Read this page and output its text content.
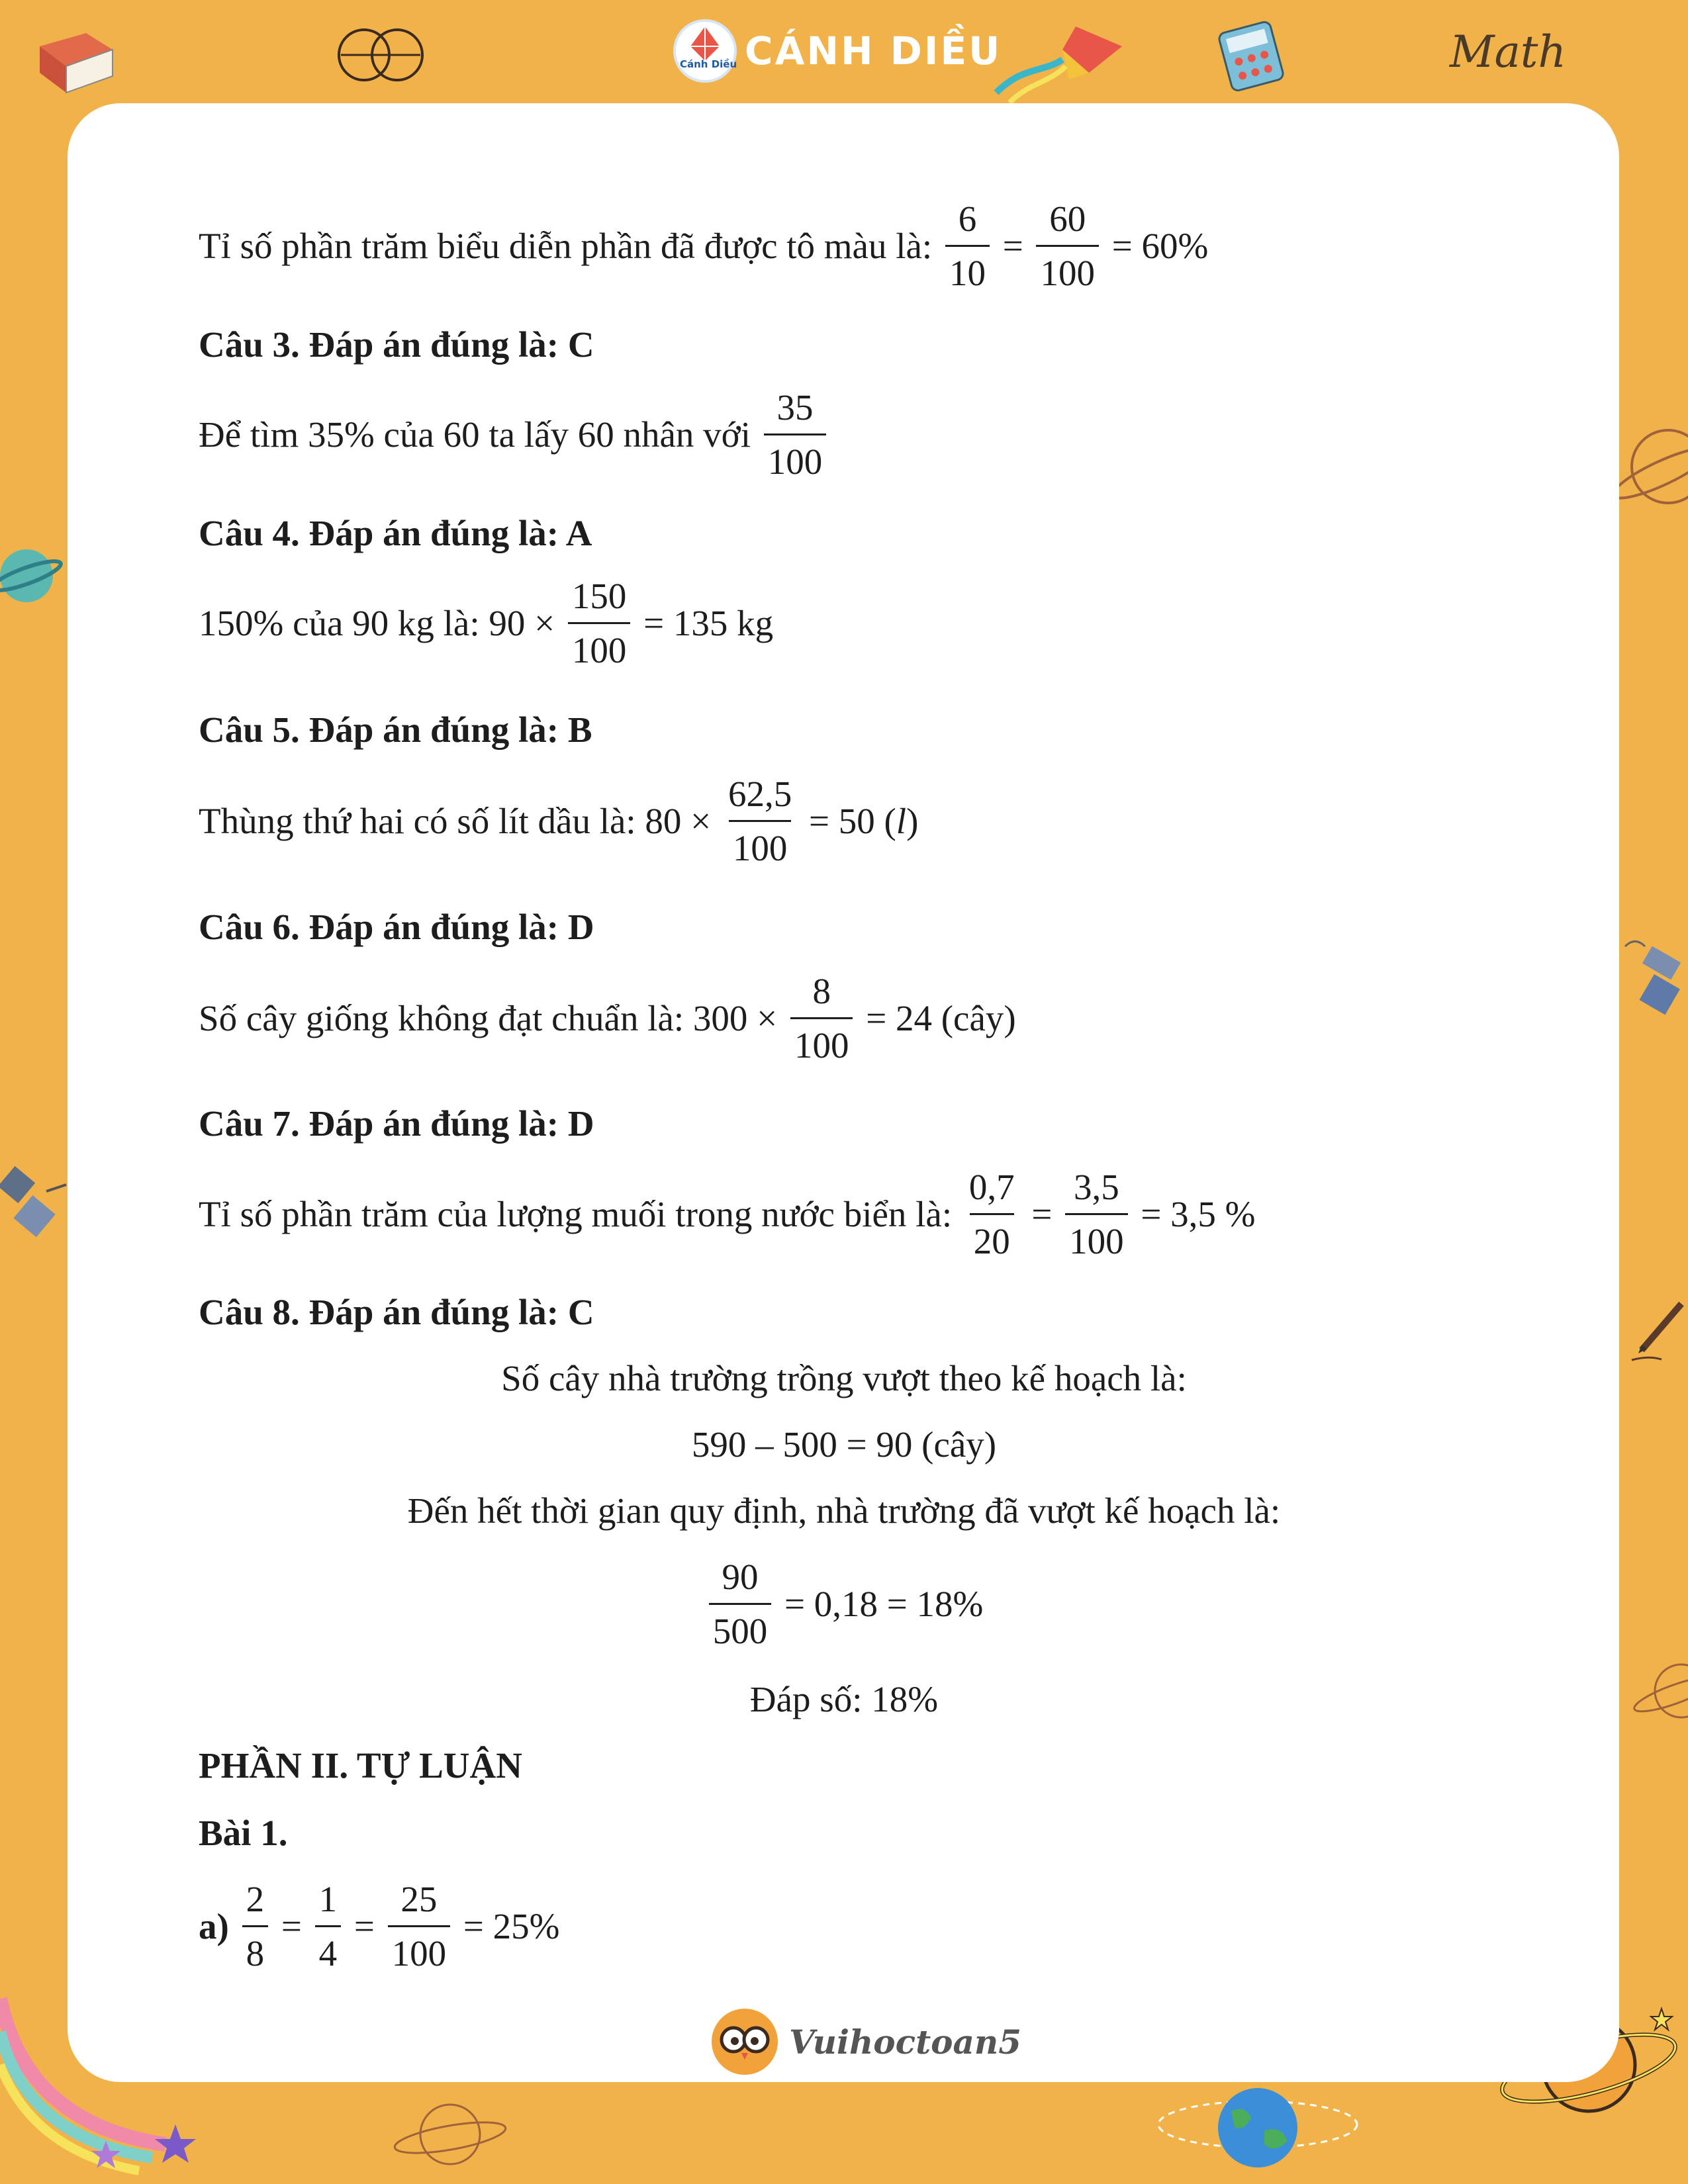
Cánh Diều CÁNH DIỀU	Math
Tỉ số phần trăm biểu diễn phần đã được tô màu là: $\frac{6}{10} = \frac{60}{100} = 60\%$
Câu 3. Đáp án đúng là: C
Để tìm 35% của 60 ta lấy 60 nhân với $\frac{35}{100}$
Câu 4. Đáp án đúng là: A
150% của 90 kg là: $90 \times \frac{150}{100} = 135$ kg
Câu 5. Đáp án đúng là: B
Thùng thứ hai có số lít dầu là: $80 \times \frac{62,5}{100} = 50$ (l)
Câu 6. Đáp án đúng là: D
Số cây giống không đạt chuẩn là: $300 \times \frac{8}{100} = 24$ (cây)
Câu 7. Đáp án đúng là: D
Tỉ số phần trăm của lượng muối trong nước biển là: $\frac{0,7}{20} = \frac{3,5}{100} = 3,5$ %
Câu 8. Đáp án đúng là: C
Số cây nhà trường trồng vượt theo kế hoạch là:
590 – 500 = 90 (cây)
Đến hết thời gian quy định, nhà trường đã vượt kế hoạch là:
$\frac{90}{500} = 0,18 = 18\%$
Đáp số: 18%
PHẦN II. TỰ LUẬN
Bài 1.
$a) \frac{2}{8} = \frac{1}{4} = \frac{25}{100} = 25\%$
Vuihoctoan5
